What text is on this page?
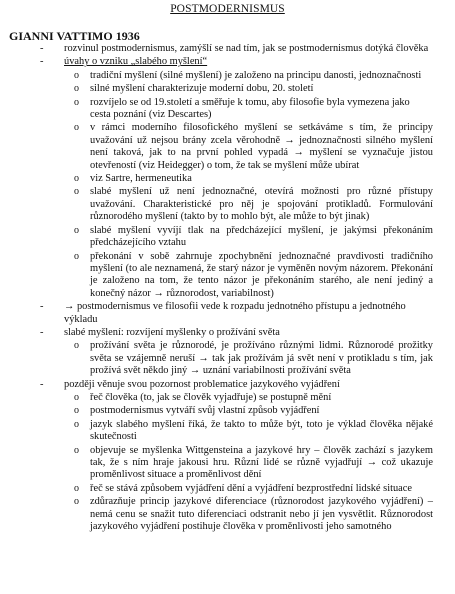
POSTMODERNISMUS
GIANNI VATTIMO 1936
- rozvinul postmodernismus, zamýšlí se nad tím, jak se postmodernismus dotýká člověka
- úvahy o vzniku „slabého myšlení“
o tradiční myšlení (silné myšlení) je založeno na principu danosti, jednoznačnosti
o silné myšlení charakterizuje moderní dobu, 20. století
o rozvíjelo se od 19.století a směřuje k tomu, aby filosofie byla vymezena jako cesta poznání (viz Descartes)
o v rámci moderního filosofického myšlení se setkáváme s tím, že principy uvažování už nejsou brány zcela věrohodně → jednoznačnosti silného myšlení není taková, jak to na první pohled vypadá → myšlení se vyznačuje jistou otevřeností (viz Heidegger) o tom, že tak se myšlení může ubírat
o viz Sartre, hermeneutika
o slabé myšlení už není jednoznačné, otevírá možnosti pro různé přístupy uvažování. Charakteristické pro něj je spojování protikladů. Formulování různorodého myšlení (takto by to mohlo být, ale může to být jinak)
o slabé myšlení vyvíjí tlak na předcházející myšlení, je jakýmsi překonáním předcházejícího vztahu
o překonání v sobě zahrnuje zpochybnění jednoznačné pravdivosti tradičního myšlení (to ale neznamená, že starý názor je vyměněn novým názorem. Překonání je založeno na tom, že tento názor je překonáním starého, ale není jediný a konečný názor → různorodost, variabilnost)
- → postmodernismus ve filosofii vede k rozpadu jednotného přístupu a jednotného výkladu
- slabé myšlení: rozvíjení myšlenky o prožívání světa
o prožívání světa je různorodé, je prožíváno různými lidmi. Různorodé prožitky světa se vzájemně neruší → tak jak prožívám já svět není v protikladu s tím, jak prožívá svět někdo jiný → uznání variabilnosti prožívání světa
- později věnuje svou pozornost problematice jazykového vyjádření
o řeč člověka (to, jak se člověk vyjadřuje) se postupně mění
o postmodernismus vytváří svůj vlastní způsob vyjádření
o jazyk slabého myšlení říká, že takto to může být, toto je výklad člověka nějaké skutečnosti
o objevuje se myšlenka Wittgensteina a jazykové hry – člověk zachází s jazykem tak, že s ním hraje jakousi hru. Různí lidé se různě vyjadřují → což ukazuje proměnlivost situace a proměnlivost dění
o řeč se stává způsobem vyjádření dění a vyjádření bezprostřední lidské situace
o zdůrazňuje princip jazykové diferenciace (různorodost jazykového vyjádření) – nemá cenu se snažit tuto diferenciaci odstranit nebo jí jen vysvětlit. Různorodost jazykového vyjádření postihuje člověka v proměnlivosti jeho samotného
